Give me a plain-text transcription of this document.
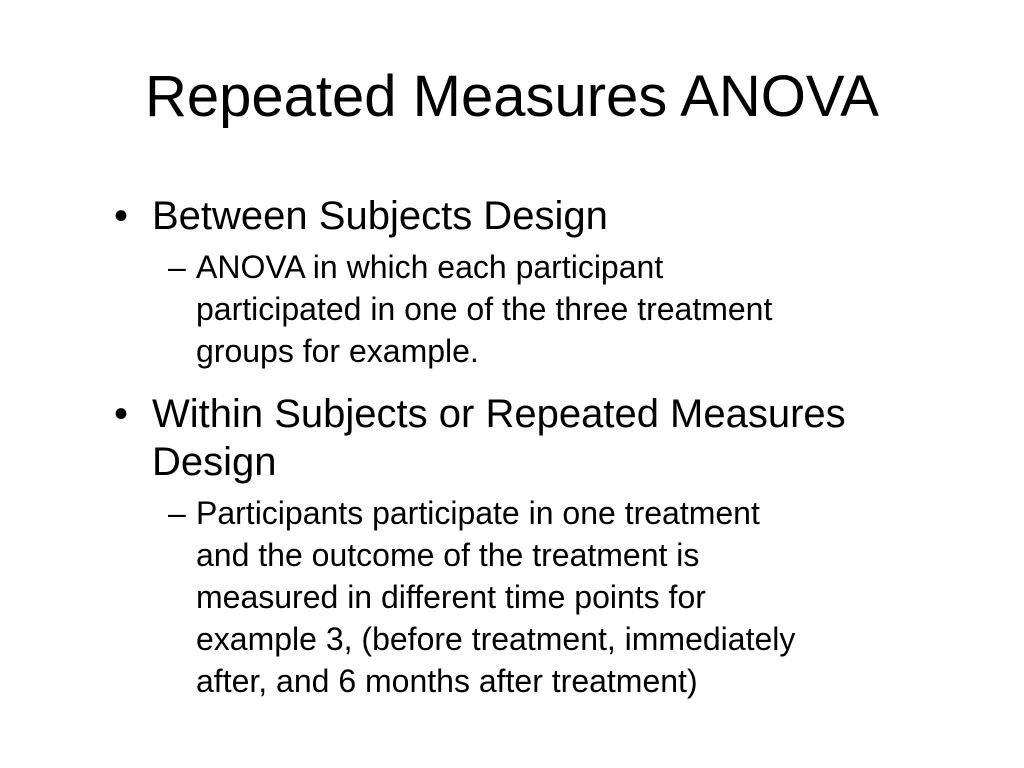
Repeated Measures ANOVA
• Between Subjects Design
– ANOVA in which each participant
participated in one of the three treatment
groups for example.
• Within Subjects or Repeated Measures
Design
– Participants participate in one treatment
and the outcome of the treatment is
measured in different time points for
example 3, (before treatment, immediately
after, and 6 months after treatment)
